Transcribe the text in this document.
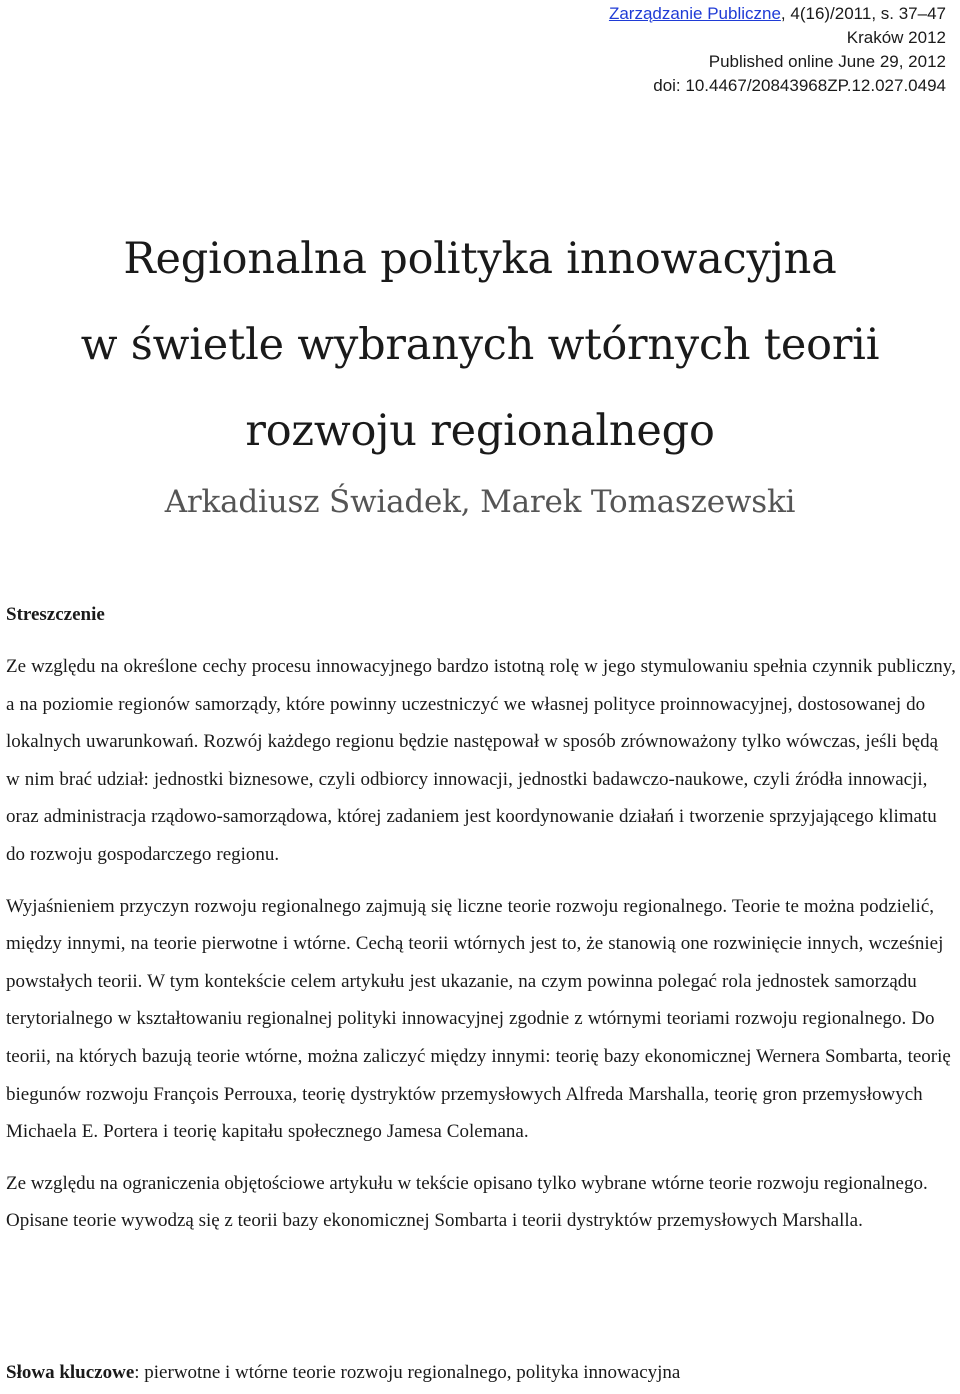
Zarządzanie Publiczne, 4(16)/2011, s. 37–47
Kraków 2012
Published online June 29, 2012
doi: 10.4467/20843968ZP.12.027.0494
Regionalna polityka innowacyjna
w świetle wybranych wtórnych teorii
rozwoju regionalnego
Arkadiusz Świadek, Marek Tomaszewski
Streszczenie

Ze względu na określone cechy procesu innowacyjnego bardzo istotną rolę w jego stymulowaniu spełnia czynnik publiczny, a na poziomie regionów samorządy, które powinny uczestniczyć we własnej polityce proinnowacyjnej, dostosowanej do lokalnych uwarunkowań. Rozwój każdego regionu będzie następował w sposób zrównoważony tylko wówczas, jeśli będą w nim brać udział: jednostki biznesowe, czyli odbiorcy innowacji, jednostki badawczo-naukowe, czyli źródła innowacji, oraz administracja rządowo-samorządowa, której zadaniem jest koordynowanie działań i tworzenie sprzyjającego klimatu do rozwoju gospodarczego regionu.

Wyjaśnieniem przyczyn rozwoju regionalnego zajmują się liczne teorie rozwoju regionalnego. Teorie te można podzielić, między innymi, na teorie pierwotne i wtórne. Cechą teorii wtórnych jest to, że stanowią one rozwinięcie innych, wcześniej powstałych teorii. W tym kontekście celem artykułu jest ukazanie, na czym powinna polegać rola jednostek samorządu terytorialnego w kształtowaniu regionalnej polityki innowacyjnej zgodnie z wtórnymi teoriami rozwoju regionalnego. Do teorii, na których bazują teorie wtórne, można zaliczyć między innymi: teorię bazy ekonomicznej Wernera Sombarta, teorię biegunów rozwoju François Perrouxa, teorię dystryktów przemysłowych Alfreda Marshalla, teorię gron przemysłowych Michaela E. Portera i teorię kapitału społecznego Jamesa Colemana.

Ze względu na ograniczenia objętościowe artykułu w tekście opisano tylko wybrane wtórne teorie rozwoju regionalnego. Opisane teorie wywodzą się z teorii bazy ekonomicznej Sombarta i teorii dystryktów przemysłowych Marshalla.

Słowa kluczowe: pierwotne i wtórne teorie rozwoju regionalnego, polityka innowacyjna
